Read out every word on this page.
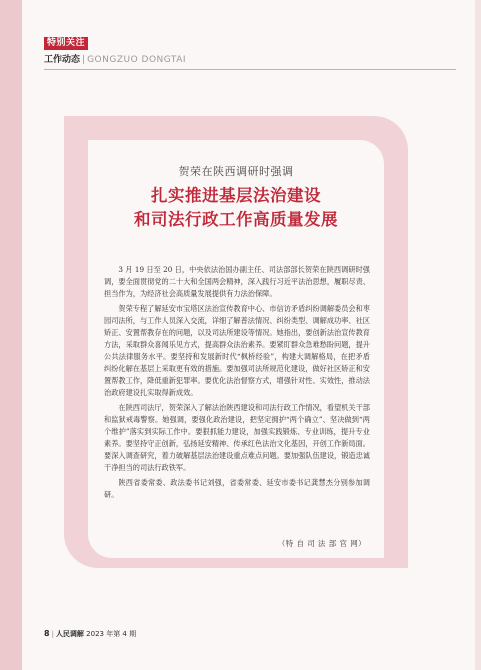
特别关注
工作动态 | GONGZUO DONGTAI
贺荣在陕西调研时强调
扎实推进基层法治建设
和司法行政工作高质量发展

3 月 19 日至 20 日，中央依法治国办副主任、司法部部长贺荣在陕西调研时强调，要全面贯彻党的二十大和全国两会精神，深入践行习近平法治思想，履职尽责、担当作为，为经济社会高质量发展提供有力法治保障。

贺荣专程了解延安市宝塔区法治宣传教育中心、市信访矛盾纠纷调解委员会和枣园司法所，与工作人员深入交流，详细了解普法情况、纠纷类型、调解成功率、社区矫正、安置帮教存在的问题，以及司法所建设等情况。她指出，要创新法治宣传教育方法，采取群众喜闻乐见方式，提高群众法治素养。要紧盯群众急难愁盼问题，提升公共法律服务水平。要坚持和发展新时代“枫桥经验”，构建大调解格局，在把矛盾纠纷化解在基层上采取更有效的措施。要加强司法所规范化建设，做好社区矫正和安置帮教工作，降低重新犯罪率。要优化法治督察方式，增强针对性、实效性，推动法治政府建设扎实取得新成效。

在陕西司法厅，贺荣深入了解法治陕西建设和司法行政工作情况，看望机关干部和监狱戒毒警察。她强调，要强化政治建设，把坚定拥护“两个确立”、坚决做到“两个维护”落实到实际工作中。要狠抓能力建设，加强实践锻炼、专业训练，提升专业素养。要坚持守正创新，弘扬延安精神、传承红色法治文化基因，开创工作新局面。要深入调查研究，着力破解基层法治建设重点难点问题。要加强队伍建设，锻造忠诚干净担当的司法行政铁军。

陕西省委常委、政法委书记刘强，省委常委、延安市委书记龚慧杰分别参加调研。

（特 自 司 法 部 官 网）
8 | 人民调解 2023 年第 4 期
